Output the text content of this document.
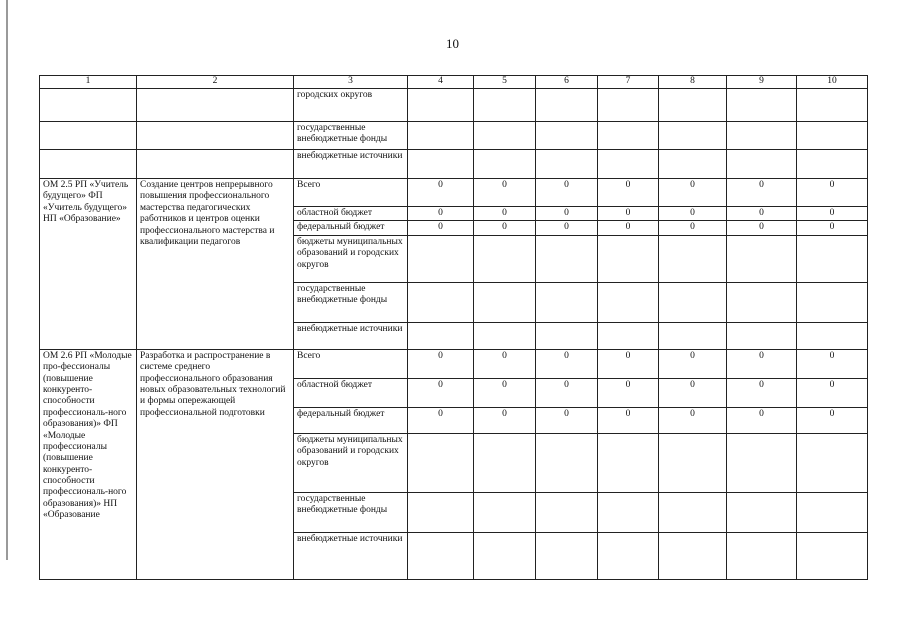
10
1	2	3	4	5	6	7	8	9	10
		городских округов							
		государственные внебюджетные фонды							
		внебюджетные источники							
ОМ 2.5 РП «Учитель будущего» ФП «Учитель будущего» НП «Образование»	Создание центров непрерывного повышения профессионального мастерства педагогических работников и центров оценки профессионального мастерства и квалификации педагогов	Всего	0	0	0	0	0	0	0
		областной бюджет	0	0	0	0	0	0	0
		федеральный бюджет	0	0	0	0	0	0	0
		бюджеты муниципальных образований и городских округов							
		государственные внебюджетные фонды							
		внебюджетные источники							
ОМ 2.6 РП «Молодые про-фессионалы (повышение конкуренто-способности профессиональ-ного образования)» ФП «Молодые профессионалы (повышение конкуренто-способности профессиональ-ного образования)» НП «Образование	Разработка и распространение в системе среднего профессионального образования новых образовательных технологий и формы опережающей профессиональной подготовки	Всего	0	0	0	0	0	0	0
		областной бюджет	0	0	0	0	0	0	0
		федеральный бюджет	0	0	0	0	0	0	0
		бюджеты муниципальных образований и городских округов							
		государственные внебюджетные фонды							
		внебюджетные источники							
